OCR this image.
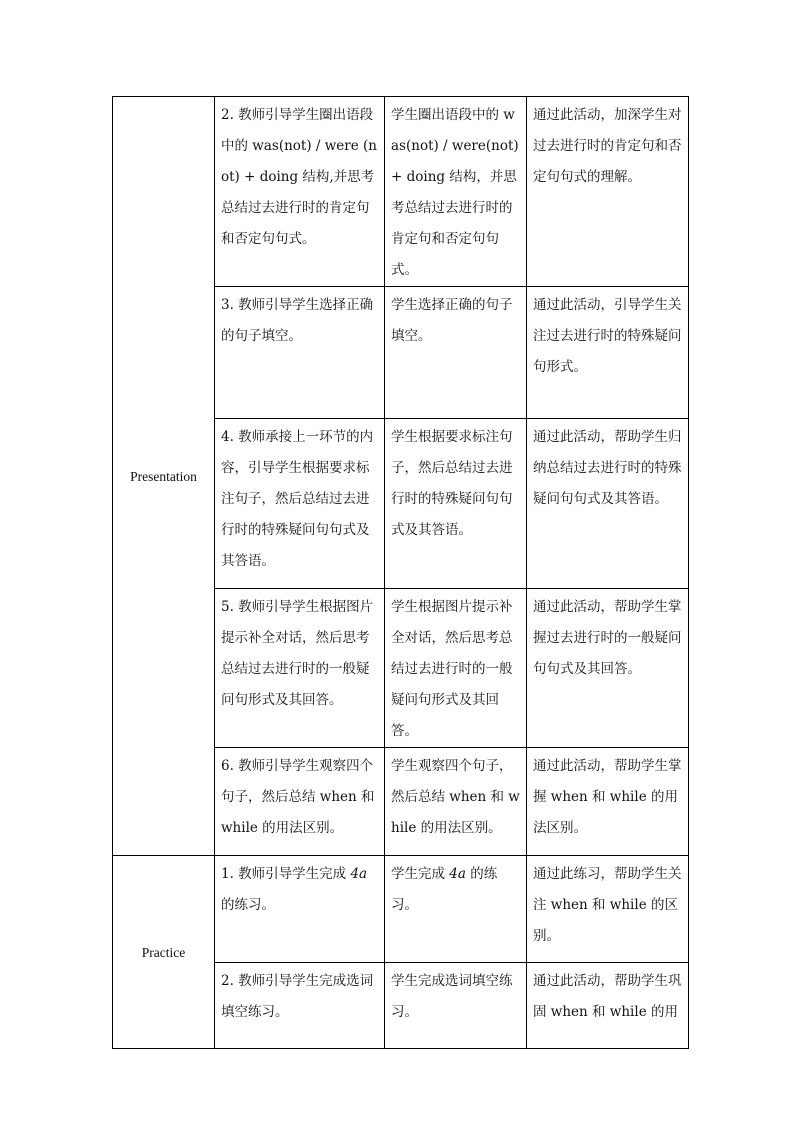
Presentation	2. 教师引导学生圈出语段中的 was(not) / were (not) + doing 结构,并思考总结过去进行时的肯定句和否定句句式。	学生圈出语段中的 was(not) / were(not) + doing 结构，并思考总结过去进行时的肯定句和否定句句式。	通过此活动，加深学生对过去进行时的肯定句和否定句句式的理解。
	3. 教师引导学生选择正确的句子填空。	学生选择正确的句子填空。	通过此活动，引导学生关注过去进行时的特殊疑问句形式。
	4. 教师承接上一环节的内容，引导学生根据要求标注句子，然后总结过去进行时的特殊疑问句句式及其答语。	学生根据要求标注句子，然后总结过去进行时的特殊疑问句句式及其答语。	通过此活动，帮助学生归纳总结过去进行时的特殊疑问句句式及其答语。
	5. 教师引导学生根据图片提示补全对话，然后思考总结过去进行时的一般疑问句形式及其回答。	学生根据图片提示补全对话，然后思考总结过去进行时的一般疑问句形式及其回答。	通过此活动，帮助学生掌握过去进行时的一般疑问句句式及其回答。
	6. 教师引导学生观察四个句子，然后总结 when 和 while 的用法区别。	学生观察四个句子，然后总结 when 和 while 的用法区别。	通过此活动，帮助学生掌握 when 和 while 的用法区别。
Practice	1. 教师引导学生完成 4a 的练习。	学生完成 4a 的练习。	通过此练习，帮助学生关注 when 和 while 的区别。
	2. 教师引导学生完成选词填空练习。	学生完成选词填空练习。	通过此活动，帮助学生巩固 when 和 while 的用
